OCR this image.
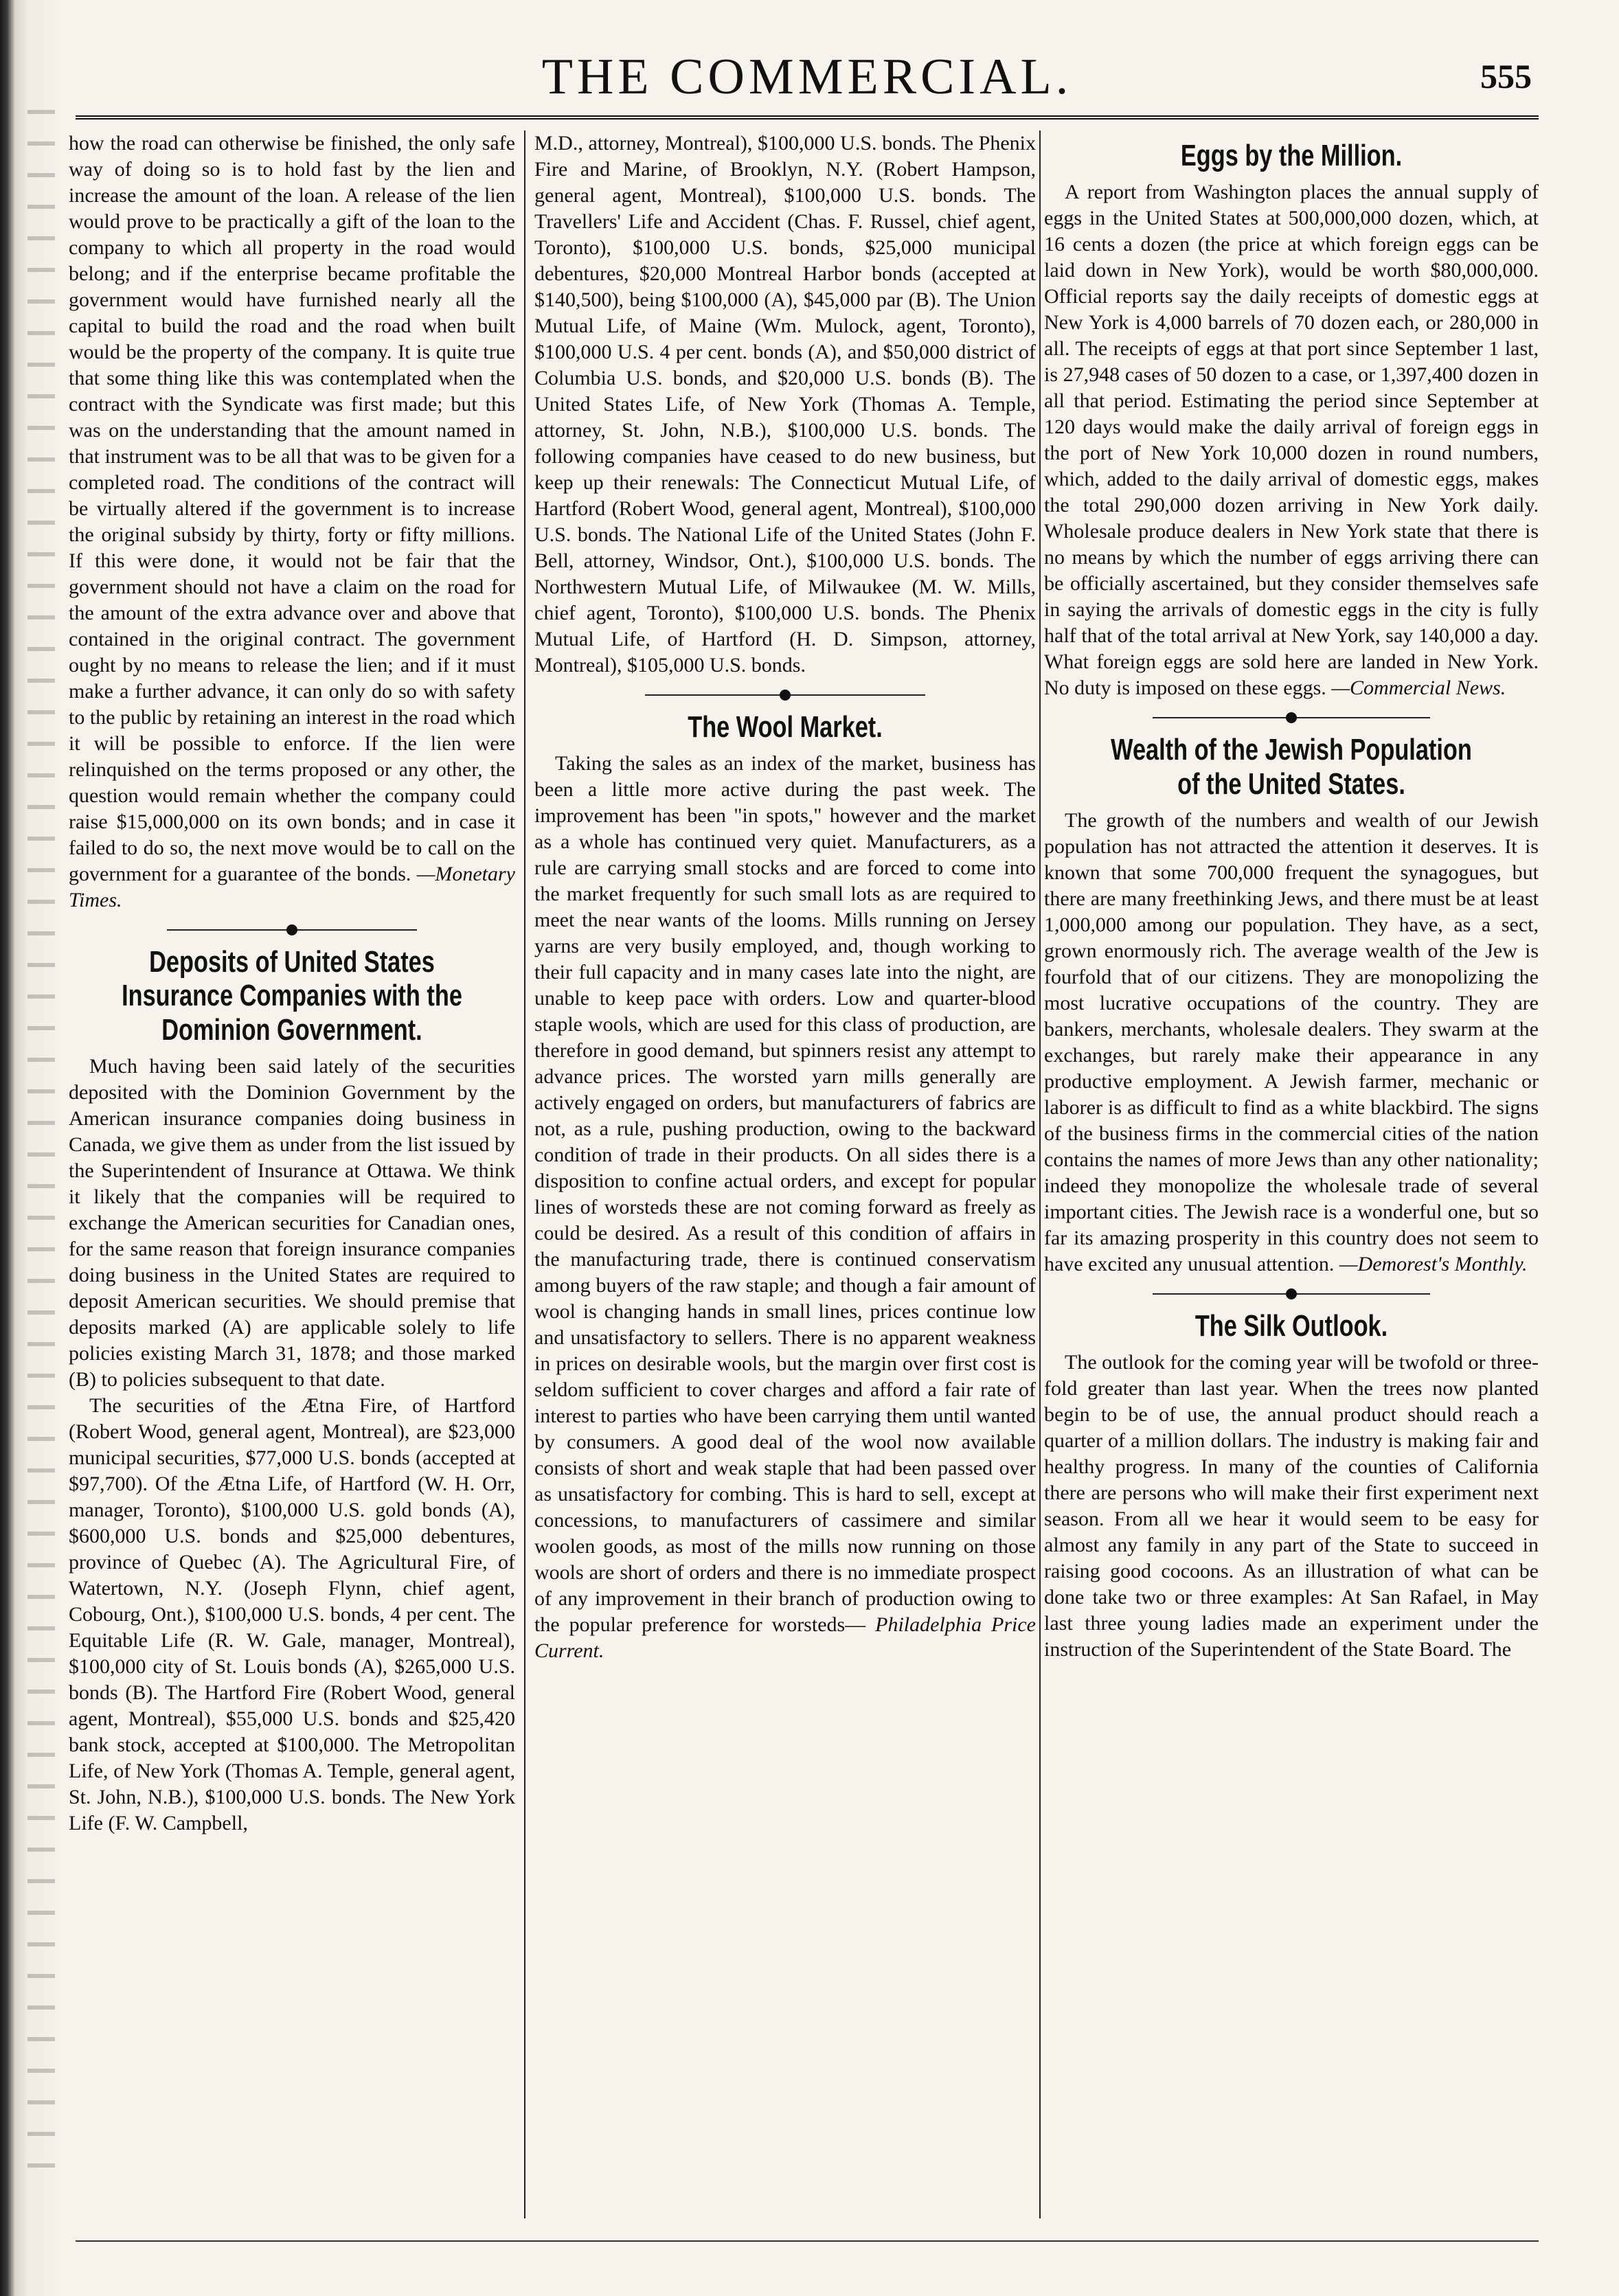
THE COMMERCIAL.	555

how the road can otherwise be finished, the only safe way of doing so is to hold fast by the lien and increase the amount of the loan. A release of the lien would prove to be practically a gift of the loan to the company to which all property in the road would belong; and if the enterprise became profitable the government would have furnished nearly all the capital to build the road and the road when built would be the property of the company. It is quite true that some thing like this was contemplated when the contract with the Syndicate was first made; but this was on the understanding that the amount named in that instrument was to be all that was to be given for a completed road. The conditions of the contract will be virtually altered if the government is to increase the original subsidy by thirty, forty or fifty millions. If this were done, it would not be fair that the government should not have a claim on the road for the amount of the extra advance over and above that contained in the original contract. The government ought by no means to release the lien; and if it must make a further advance, it can only do so with safety to the public by retaining an interest in the road which it will be possible to enforce. If the lien were relinquished on the terms proposed or any other, the question would remain whether the company could raise $15,000,000 on its own bonds; and in case it failed to do so, the next move would be to call on the government for a guarantee of the bonds. —Monetary Times.

Deposits of United States Insurance Companies with the Dominion Government.

Much having been said lately of the securities deposited with the Dominion Government by the American insurance companies doing business in Canada, we give them as under from the list issued by the Superintendent of Insurance at Ottawa. We think it likely that the companies will be required to exchange the American securities for Canadian ones, for the same reason that foreign insurance companies doing business in the United States are required to deposit American securities. We should premise that deposits marked (A) are applicable solely to life policies existing March 31, 1878; and those marked (B) to policies subsequent to that date.

The securities of the Ætna Fire, of Hartford (Robert Wood, general agent, Montreal), are $23,000 municipal securities, $77,000 U.S. bonds (accepted at $97,700). Of the Ætna Life, of Hartford (W. H. Orr, manager, Toronto), $100,000 U.S. gold bonds (A), $600,000 U.S. bonds and $25,000 debentures, province of Quebec (A). The Agricultural Fire, of Watertown, N.Y. (Joseph Flynn, chief agent, Cobourg, Ont.), $100,000 U.S. bonds, 4 per cent. The Equitable Life (R. W. Gale, manager, Montreal), $100,000 city of St. Louis bonds (A), $265,000 U.S. bonds (B). The Hartford Fire (Robert Wood, general agent, Montreal), $55,000 U.S. bonds and $25,420 bank stock, accepted at $100,000. The Metropolitan Life, of New York (Thomas A. Temple, general agent, St. John, N.B.), $100,000 U.S. bonds. The New York Life (F. W. Campbell,

M.D., attorney, Montreal), $100,000 U.S. bonds. The Phenix Fire and Marine, of Brooklyn, N.Y. (Robert Hampson, general agent, Montreal), $100,000 U.S. bonds. The Travellers' Life and Accident (Chas. F. Russel, chief agent, Toronto), $100,000 U.S. bonds, $25,000 municipal debentures, $20,000 Montreal Harbor bonds (accepted at $140,500), being $100,000 (A), $45,000 par (B). The Union Mutual Life, of Maine (Wm. Mulock, agent, Toronto), $100,000 U.S. 4 per cent. bonds (A), and $50,000 district of Columbia U.S. bonds, and $20,000 U.S. bonds (B). The United States Life, of New York (Thomas A. Temple, attorney, St. John, N.B.), $100,000 U.S. bonds. The following companies have ceased to do new business, but keep up their renewals: The Connecticut Mutual Life, of Hartford (Robert Wood, general agent, Montreal), $100,000 U.S. bonds. The National Life of the United States (John F. Bell, attorney, Windsor, Ont.), $100,000 U.S. bonds. The Northwestern Mutual Life, of Milwaukee (M. W. Mills, chief agent, Toronto), $100,000 U.S. bonds. The Phenix Mutual Life, of Hartford (H. D. Simpson, attorney, Montreal), $105,000 U.S. bonds.

The Wool Market.

Taking the sales as an index of the market, business has been a little more active during the past week. The improvement has been "in spots," however and the market as a whole has continued very quiet. Manufacturers, as a rule are carrying small stocks and are forced to come into the market frequently for such small lots as are required to meet the near wants of the looms. Mills running on Jersey yarns are very busily employed, and, though working to their full capacity and in many cases late into the night, are unable to keep pace with orders. Low and quarter-blood staple wools, which are used for this class of production, are therefore in good demand, but spinners resist any attempt to advance prices. The worsted yarn mills generally are actively engaged on orders, but manufacturers of fabrics are not, as a rule, pushing production, owing to the backward condition of trade in their products. On all sides there is a disposition to confine actual orders, and except for popular lines of worsteds these are not coming forward as freely as could be desired. As a result of this condition of affairs in the manufacturing trade, there is continued conservatism among buyers of the raw staple; and though a fair amount of wool is changing hands in small lines, prices continue low and unsatisfactory to sellers. There is no apparent weakness in prices on desirable wools, but the margin over first cost is seldom sufficient to cover charges and afford a fair rate of interest to parties who have been carrying them until wanted by consumers. A good deal of the wool now available consists of short and weak staple that had been passed over as unsatisfactory for combing. This is hard to sell, except at concessions, to manufacturers of cassimere and similar woolen goods, as most of the mills now running on those wools are short of orders and there is no immediate prospect of any improvement in their branch of production owing to the popular preference for worsteds— Philadelphia Price Current.

Eggs by the Million.

A report from Washington places the annual supply of eggs in the United States at 500,000,000 dozen, which, at 16 cents a dozen (the price at which foreign eggs can be laid down in New York), would be worth $80,000,000. Official reports say the daily receipts of domestic eggs at New York is 4,000 barrels of 70 dozen each, or 280,000 in all. The receipts of eggs at that port since September 1 last, is 27,948 cases of 50 dozen to a case, or 1,397,400 dozen in all that period. Estimating the period since September at 120 days would make the daily arrival of foreign eggs in the port of New York 10,000 dozen in round numbers, which, added to the daily arrival of domestic eggs, makes the total 290,000 dozen arriving in New York daily. Wholesale produce dealers in New York state that there is no means by which the number of eggs arriving there can be officially ascertained, but they consider themselves safe in saying the arrivals of domestic eggs in the city is fully half that of the total arrival at New York, say 140,000 a day. What foreign eggs are sold here are landed in New York. No duty is imposed on these eggs. —Commercial News.

Wealth of the Jewish Population of the United States.

The growth of the numbers and wealth of our Jewish population has not attracted the attention it deserves. It is known that some 700,000 frequent the synagogues, but there are many freethinking Jews, and there must be at least 1,000,000 among our population. They have, as a sect, grown enormously rich. The average wealth of the Jew is fourfold that of our citizens. They are monopolizing the most lucrative occupations of the country. They are bankers, merchants, wholesale dealers. They swarm at the exchanges, but rarely make their appearance in any productive employment. A Jewish farmer, mechanic or laborer is as difficult to find as a white blackbird. The signs of the business firms in the commercial cities of the nation contains the names of more Jews than any other nationality; indeed they monopolize the wholesale trade of several important cities. The Jewish race is a wonderful one, but so far its amazing prosperity in this country does not seem to have excited any unusual attention. —Demorest's Monthly.

The Silk Outlook.

The outlook for the coming year will be twofold or three-fold greater than last year. When the trees now planted begin to be of use, the annual product should reach a quarter of a million dollars. The industry is making fair and healthy progress. In many of the counties of California there are persons who will make their first experiment next season. From all we hear it would seem to be easy for almost any family in any part of the State to succeed in raising good cocoons. As an illustration of what can be done take two or three examples: At San Rafael, in May last three young ladies made an experiment under the instruction of the Superintendent of the State Board. The
